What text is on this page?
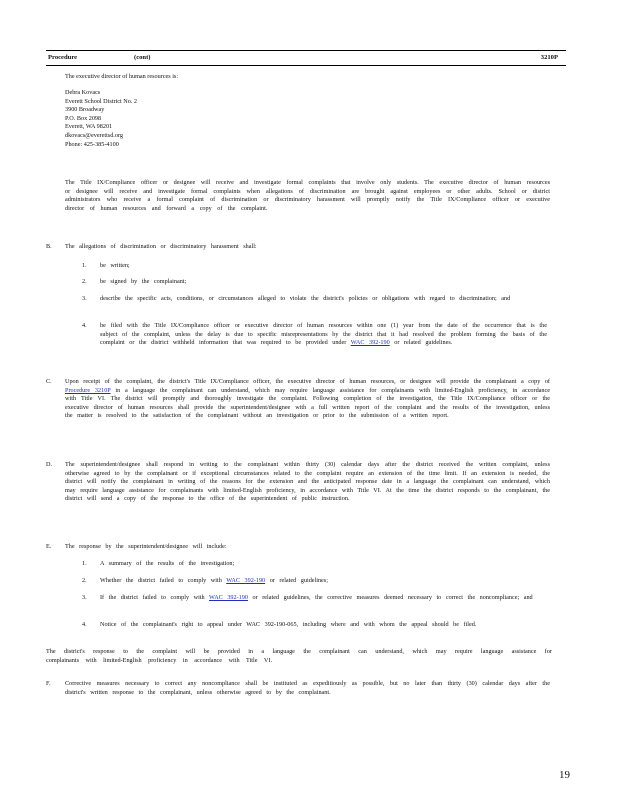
Procedure	(cont)	3210P
The executive director of human resources is:
Debra Kovacs
Everett School District No. 2
3900 Broadway
P.O. Box 2098
Everett, WA 98201
dkovacs@everettsd.org
Phone: 425-385-4100
The Title IX/Compliance officer or designee will receive and investigate formal complaints that involve only students. The executive director of human resources or designee will receive and investigate formal complaints when allegations of discrimination are brought against employees or other adults. School or district administrators who receive a formal complaint of discrimination or discriminatory harassment will promptly notify the Title IX/Compliance officer or executive director of human resources and forward a copy of the complaint.
B. The allegations of discrimination or discriminatory harassment shall:
1. be written;
2. be signed by the complainant;
3. describe the specific acts, conditions, or circumstances alleged to violate the district's policies or obligations with regard to discrimination; and
4. be filed with the Title IX/Compliance officer or executive director of human resources within one (1) year from the date of the occurrence that is the subject of the complaint, unless the delay is due to specific misrepresentations by the district that it had resolved the problem forming the basis of the complaint or the district withheld information that was required to be provided under WAC 392-190 or related guidelines.
C. Upon receipt of the complaint, the district's Title IX/Compliance officer, the executive director of human resources, or designee will provide the complainant a copy of Procedure 3210P in a language the complainant can understand, which may require language assistance for complainants with limited-English proficiency, in accordance with Title VI. The district will promptly and thoroughly investigate the complaint. Following completion of the investigation, the Title IX/Compliance officer or the executive director of human resources shall provide the superintendent/designee with a full written report of the complaint and the results of the investigation, unless the matter is resolved to the satisfaction of the complainant without an investigation or prior to the submission of a written report.
D. The superintendent/designee shall respond in writing to the complainant within thirty (30) calendar days after the district received the written complaint, unless otherwise agreed to by the complainant or if exceptional circumstances related to the complaint require an extension of the time limit. If an extension is needed, the district will notify the complainant in writing of the reasons for the extension and the anticipated response date in a language the complainant can understand, which may require language assistance for complainants with limited-English proficiency, in accordance with Title VI. At the time the district responds to the complainant, the district will send a copy of the response to the office of the superintendent of public instruction.
E. The response by the superintendent/designee will include:
1. A summary of the results of the investigation;
2. Whether the district failed to comply with WAC 392-190 or related guidelines;
3. If the district failed to comply with WAC 392-190 or related guidelines, the corrective measures deemed necessary to correct the noncompliance; and
4. Notice of the complainant's right to appeal under WAC 392-190-065, including where and with whom the appeal should be filed.
The district's response to the complaint will be provided in a language the complainant can understand, which may require language assistance for complainants with limited-English proficiency in accordance with Title VI.
F. Corrective measures necessary to correct any noncompliance shall be instituted as expeditiously as possible, but no later than thirty (30) calendar days after the district's written response to the complainant, unless otherwise agreed to by the complainant.
19
